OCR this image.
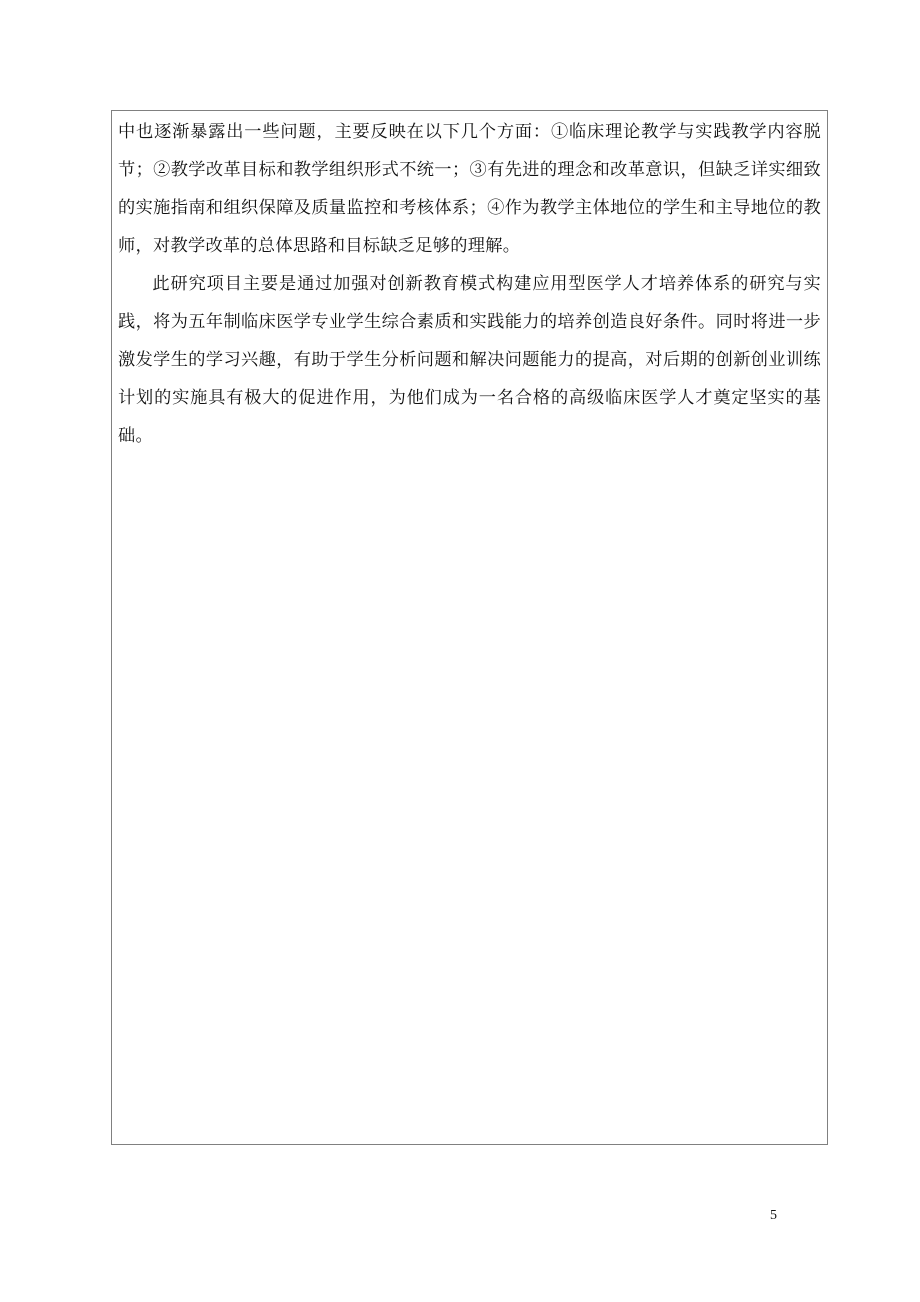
中也逐渐暴露出一些问题，主要反映在以下几个方面：①临床理论教学与实践教学内容脱节；②教学改革目标和教学组织形式不统一；③有先进的理念和改革意识，但缺乏详实细致的实施指南和组织保障及质量监控和考核体系；④作为教学主体地位的学生和主导地位的教师，对教学改革的总体思路和目标缺乏足够的理解。

此研究项目主要是通过加强对创新教育模式构建应用型医学人才培养体系的研究与实践，将为五年制临床医学专业学生综合素质和实践能力的培养创造良好条件。同时将进一步激发学生的学习兴趣，有助于学生分析问题和解决问题能力的提高，对后期的创新创业训练计划的实施具有极大的促进作用，为他们成为一名合格的高级临床医学人才奠定坚实的基础。

5
